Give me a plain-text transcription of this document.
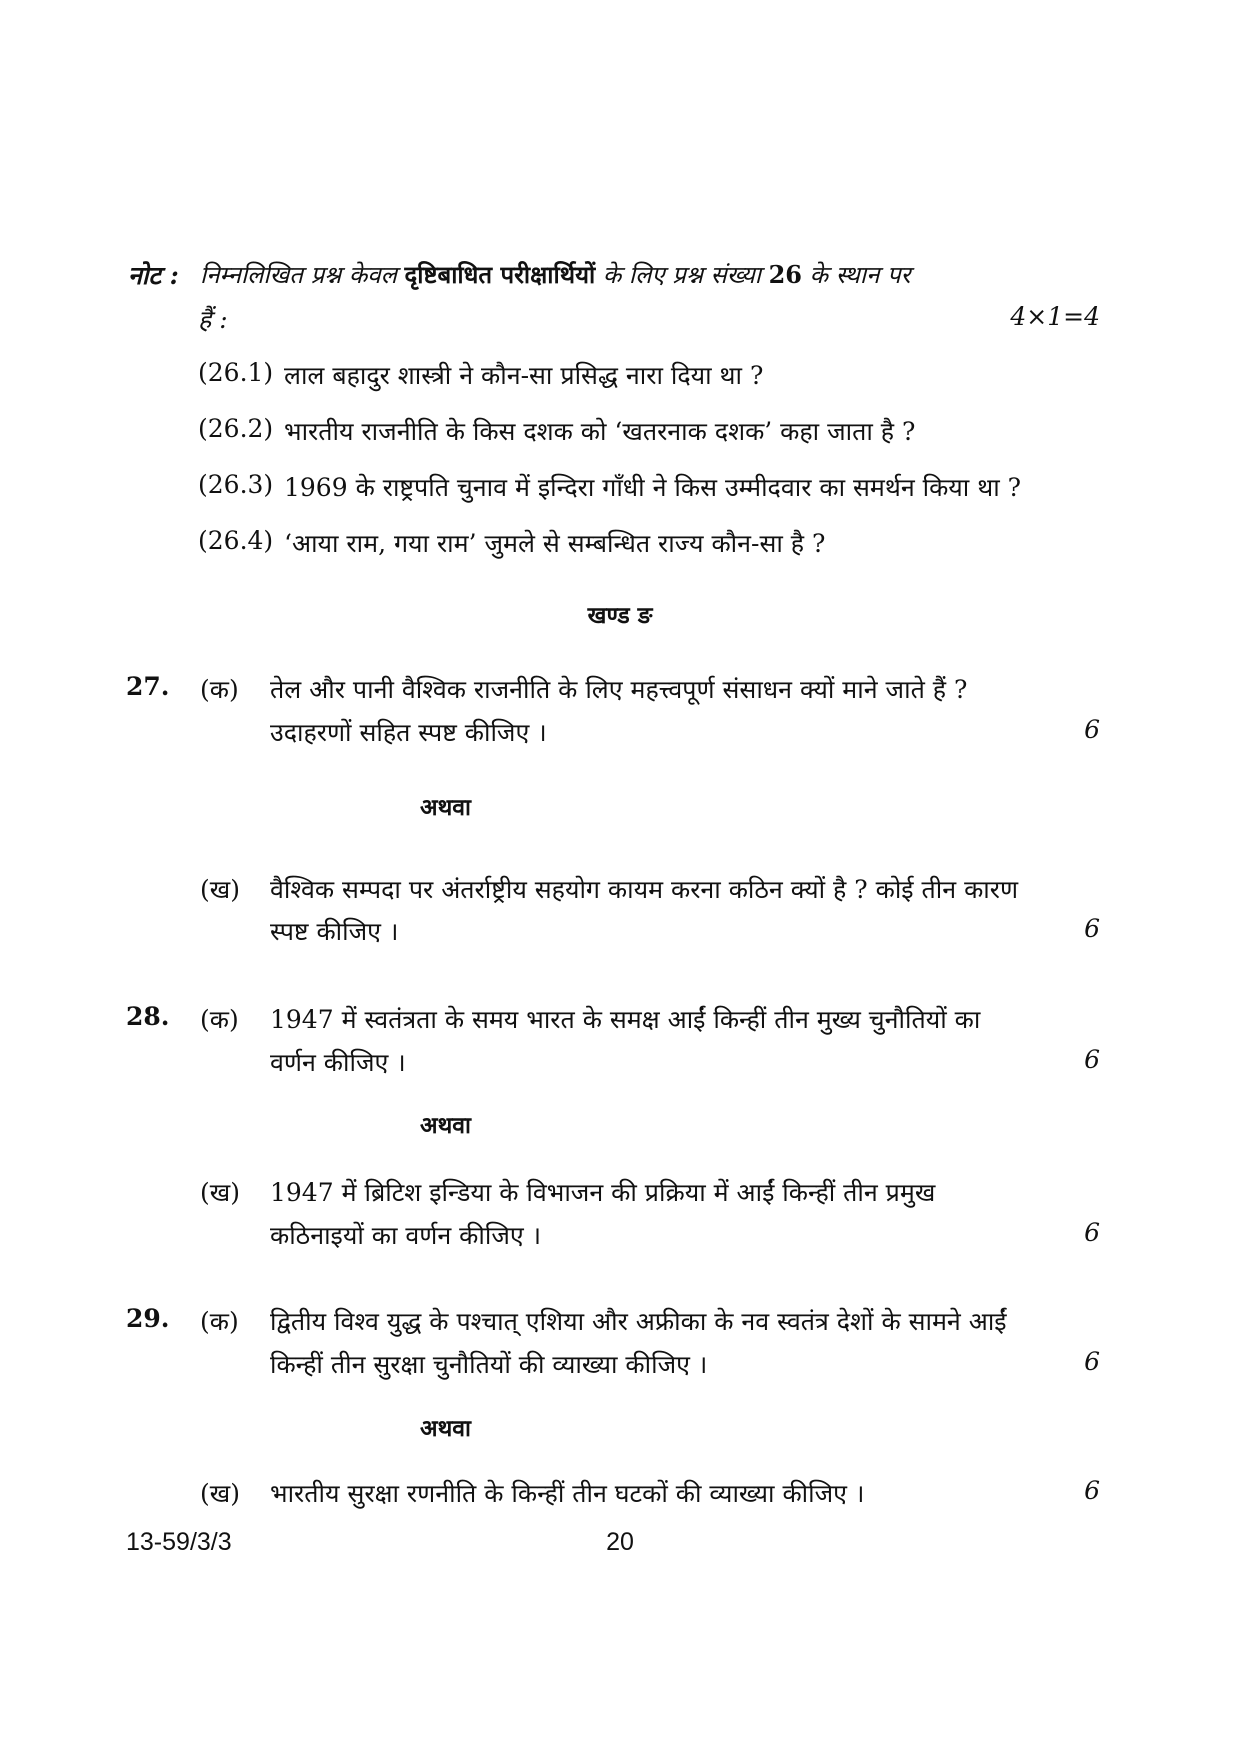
नोट : निम्नलिखित प्रश्न केवल दृष्टिबाधित परीक्षार्थियों के लिए प्रश्न संख्या 26 के स्थान पर
हैं :	4×1=4
(26.1) लाल बहादुर शास्त्री ने कौन-सा प्रसिद्ध नारा दिया था ?
(26.2) भारतीय राजनीति के किस दशक को ‘खतरनाक दशक’ कहा जाता है ?
(26.3) 1969 के राष्ट्रपति चुनाव में इन्दिरा गाँधी ने किस उम्मीदवार का समर्थन किया था ?
(26.4) ‘आया राम, गया राम’ जुमले से सम्बन्धित राज्य कौन-सा है ?
खण्ड ङ
27. (क) तेल और पानी वैश्विक राजनीति के लिए महत्त्वपूर्ण संसाधन क्यों माने जाते हैं ?
उदाहरणों सहित स्पष्ट कीजिए ।	6
अथवा
(ख) वैश्विक सम्पदा पर अंतर्राष्ट्रीय सहयोग कायम करना कठिन क्यों है ? कोई तीन कारण
स्पष्ट कीजिए ।	6
28. (क) 1947 में स्वतंत्रता के समय भारत के समक्ष आईं किन्हीं तीन मुख्य चुनौतियों का
वर्णन कीजिए ।	6
अथवा
(ख) 1947 में ब्रिटिश इन्डिया के विभाजन की प्रक्रिया में आईं किन्हीं तीन प्रमुख
कठिनाइयों का वर्णन कीजिए ।	6
29. (क) द्वितीय विश्व युद्ध के पश्चात् एशिया और अफ्रीका के नव स्वतंत्र देशों के सामने आईं
किन्हीं तीन सुरक्षा चुनौतियों की व्याख्या कीजिए ।	6
अथवा
(ख) भारतीय सुरक्षा रणनीति के किन्हीं तीन घटकों की व्याख्या कीजिए ।	6
13-59/3/3	20
